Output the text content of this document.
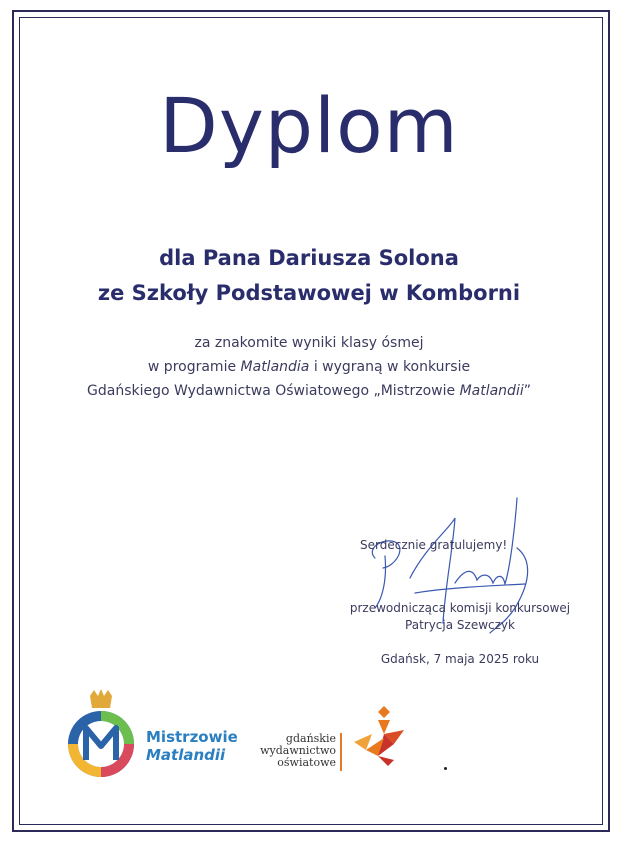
Dyplom
dla Pana Dariusza Solona
ze Szkoły Podstawowej w Komborni
za znakomite wyniki klasy ósmej
w programie Matlandia i wygraną w konkursie
Gdańskiego Wydawnictwa Oświatowego „Mistrzowie Matlandii”
Serdecznie gratulujemy!
przewodnicząca komisji konkursowej
Patrycja Szewczyk
Gdańsk, 7 maja 2025 roku
Mistrzowie
Matlandii
gdańskie
wydawnictwo
oświatowe
